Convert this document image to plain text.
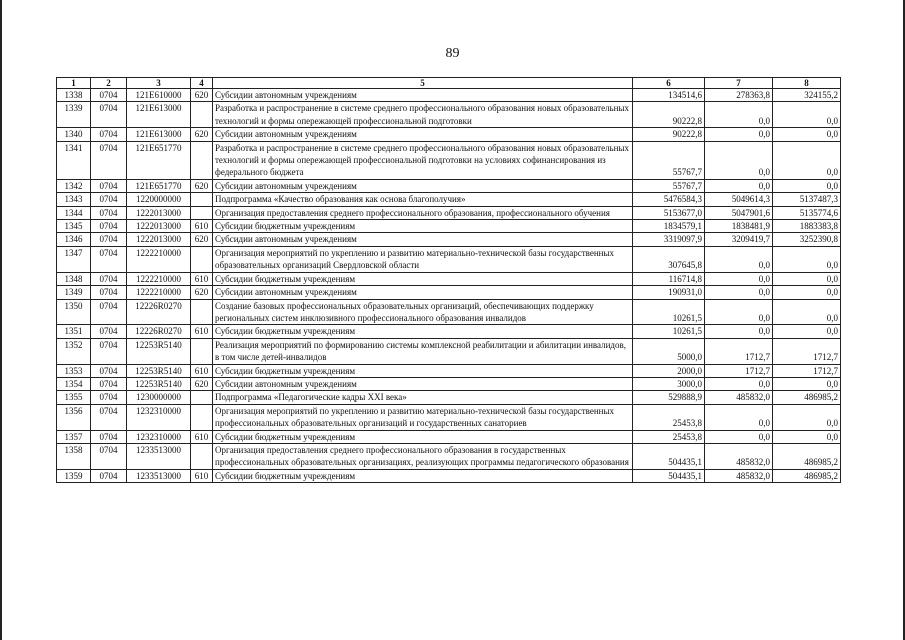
89
1	2	3	4	5	6	7	8
1338	0704	121Е610000	620	Субсидии автономным учреждениям	134514,6	278363,8	324155,2
1339	0704	121Е613000		Разработка и распространение в системе среднего профессионального образования новых образовательных технологий и формы опережающей профессиональной подготовки	90222,8	0,0	0,0
1340	0704	121Е613000	620	Субсидии автономным учреждениям	90222,8	0,0	0,0
1341	0704	121Е651770		Разработка и распространение в системе среднего профессионального образования новых образовательных технологий и формы опережающей профессиональной подготовки на условиях софинансирования из федерального бюджета	55767,7	0,0	0,0
1342	0704	121Е651770	620	Субсидии автономным учреждениям	55767,7	0,0	0,0
1343	0704	1220000000		Подпрограмма «Качество образования как основа благополучия»	5476584,3	5049614,3	5137487,3
1344	0704	1222013000		Организация предоставления среднего профессионального образования, профессионального обучения	5153677,0	5047901,6	5135774,6
1345	0704	1222013000	610	Субсидии бюджетным учреждениям	1834579,1	1838481,9	1883383,8
1346	0704	1222013000	620	Субсидии автономным учреждениям	3319097,9	3209419,7	3252390,8
1347	0704	1222210000		Организация мероприятий по укреплению и развитию материально-технической базы государственных образовательных организаций Свердловской области	307645,8	0,0	0,0
1348	0704	1222210000	610	Субсидии бюджетным учреждениям	116714,8	0,0	0,0
1349	0704	1222210000	620	Субсидии автономным учреждениям	190931,0	0,0	0,0
1350	0704	12226R0270		Создание базовых профессиональных образовательных организаций, обеспечивающих поддержку региональных систем инклюзивного профессионального образования инвалидов	10261,5	0,0	0,0
1351	0704	12226R0270	610	Субсидии бюджетным учреждениям	10261,5	0,0	0,0
1352	0704	12253R5140		Реализация мероприятий по формированию системы комплексной реабилитации и абилитации инвалидов, в том числе детей-инвалидов	5000,0	1712,7	1712,7
1353	0704	12253R5140	610	Субсидии бюджетным учреждениям	2000,0	1712,7	1712,7
1354	0704	12253R5140	620	Субсидии автономным учреждениям	3000,0	0,0	0,0
1355	0704	1230000000		Подпрограмма «Педагогические кадры XXI века»	529888,9	485832,0	486985,2
1356	0704	1232310000		Организация мероприятий по укреплению и развитию материально-технической базы государственных профессиональных образовательных организаций и государственных санаториев	25453,8	0,0	0,0
1357	0704	1232310000	610	Субсидии бюджетным учреждениям	25453,8	0,0	0,0
1358	0704	1233513000		Организация предоставления среднего профессионального образования в государственных профессиональных образовательных организациях, реализующих программы педагогического образования	504435,1	485832,0	486985,2
1359	0704	1233513000	610	Субсидии бюджетным учреждениям	504435,1	485832,0	486985,2
